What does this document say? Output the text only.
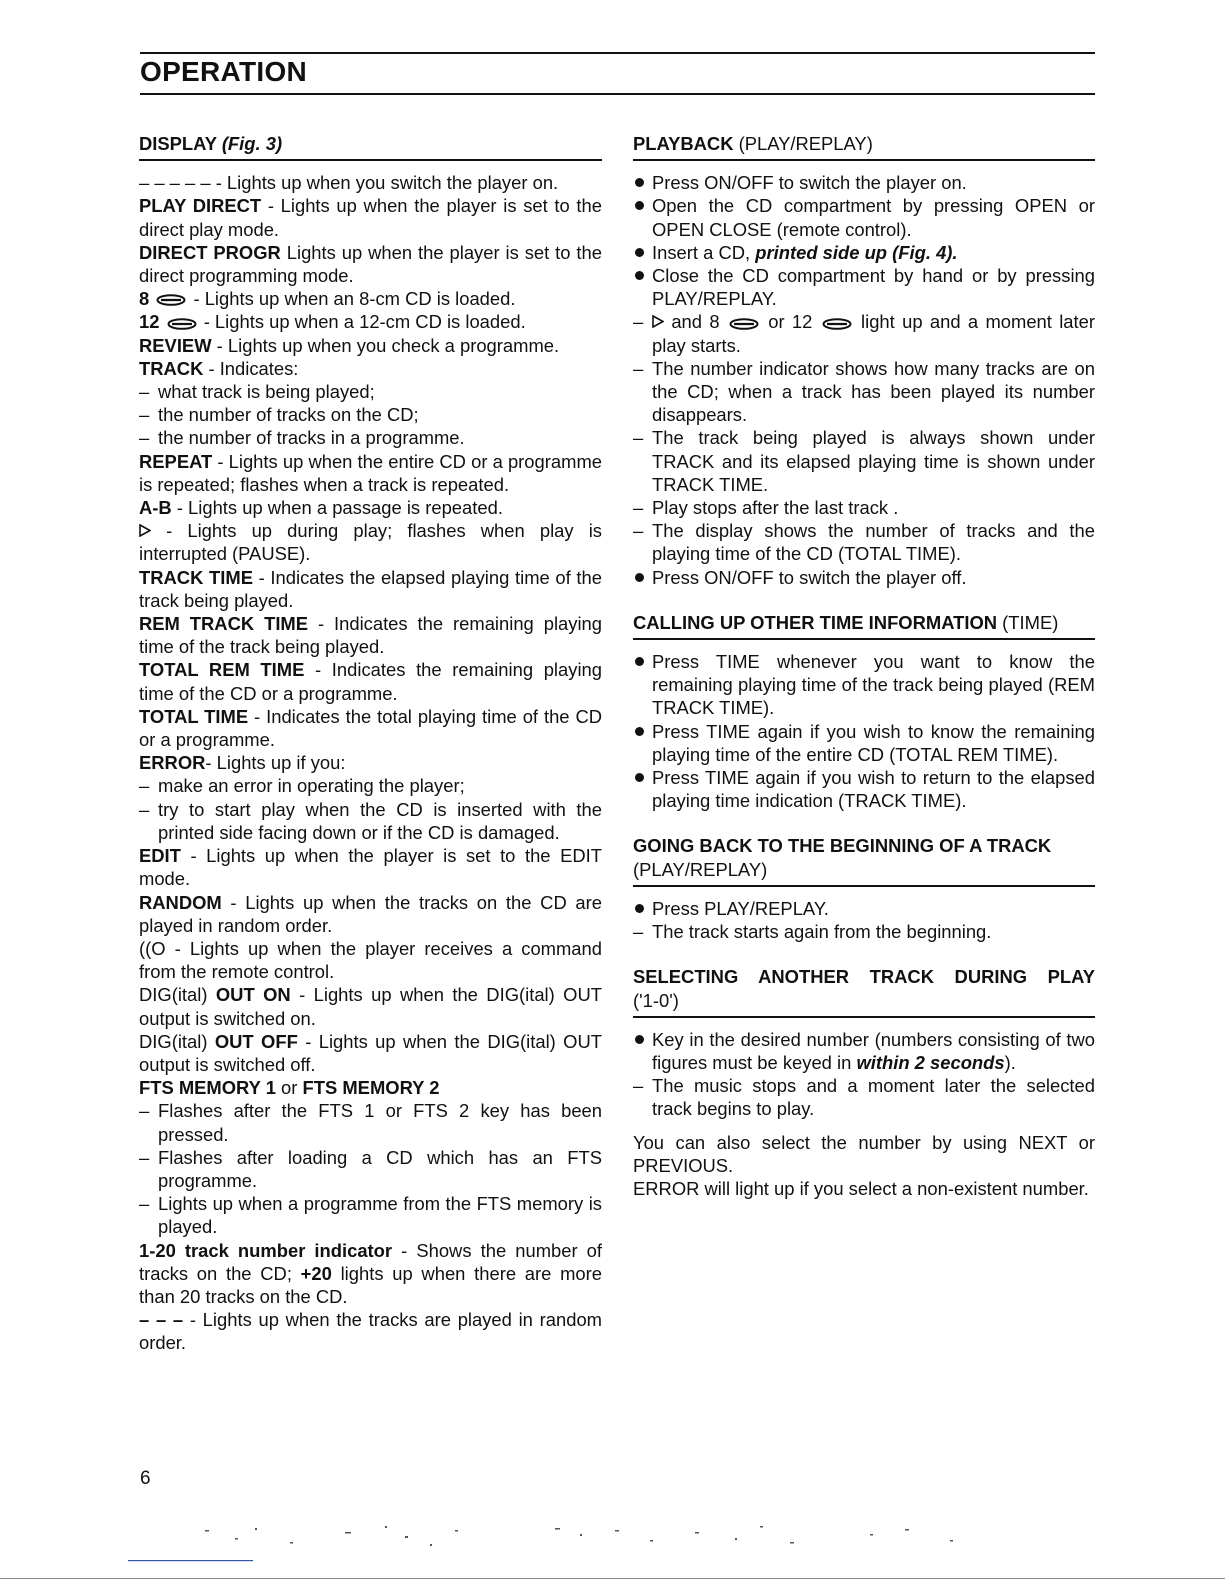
OPERATION
DISPLAY (Fig. 3)

– – – – – - Lights up when you switch the player on.

PLAY DIRECT - Lights up when the player is set to the direct play mode.

DIRECT PROGR Lights up when the player is set to the direct programming mode.

8  - Lights up when an 8-cm CD is loaded.

12  - Lights up when a 12-cm CD is loaded.

REVIEW - Lights up when you check a programme.

TRACK - Indicates:

– what track is being played;
– the number of tracks on the CD;
– the number of tracks in a programme.

REPEAT - Lights up when the entire CD or a programme is repeated; flashes when a track is repeated.

A-B - Lights up when a passage is repeated.

- Lights up during play; flashes when play is interrupted (PAUSE).

TRACK TIME - Indicates the elapsed playing time of the track being played.

REM TRACK TIME - Indicates the remaining playing time of the track being played.

TOTAL REM TIME - Indicates the remaining playing time of the CD or a programme.

TOTAL TIME - Indicates the total playing time of the CD or a programme.

ERROR- Lights up if you:

– make an error in operating the player;
– try to start play when the CD is inserted with the printed side facing down or if the CD is damaged.

EDIT - Lights up when the player is set to the EDIT mode.

RANDOM - Lights up when the tracks on the CD are played in random order.

((O - Lights up when the player receives a command from the remote control.

DIG(ital) OUT ON - Lights up when the DIG(ital) OUT output is switched on.

DIG(ital) OUT OFF - Lights up when the DIG(ital) OUT output is switched off.

FTS MEMORY 1 or FTS MEMORY 2

– Flashes after the FTS 1 or FTS 2 key has been pressed.
– Flashes after loading a CD which has an FTS programme.
– Lights up when a programme from the FTS memory is played.

1-20 track number indicator - Shows the number of tracks on the CD; +20 lights up when there are more than 20 tracks on the CD.

– – – - Lights up when the tracks are played in random order.

PLAYBACK (PLAY/REPLAY)
Press ON/OFF to switch the player on.
Open the CD compartment by pressing OPEN or OPEN CLOSE (remote control).
Insert a CD, printed side up (Fig. 4).
Close the CD compartment by hand or by pressing PLAY/REPLAY.
– and 8  or 12  light up and a moment later play starts.
– The number indicator shows how many tracks are on the CD; when a track has been played its number disappears.
– The track being played is always shown under TRACK and its elapsed playing time is shown under TRACK TIME.
– Play stops after the last track .
– The display shows the number of tracks and the playing time of the CD (TOTAL TIME).
Press ON/OFF to switch the player off.
CALLING UP OTHER TIME INFORMATION (TIME)
Press TIME whenever you want to know the remaining playing time of the track being played (REM TRACK TIME).
Press TIME again if you wish to know the remaining playing time of the entire CD (TOTAL REM TIME).
Press TIME again if you wish to return to the elapsed playing time indication (TRACK TIME).
GOING BACK TO THE BEGINNING OF A TRACK
(PLAY/REPLAY)
Press PLAY/REPLAY.
– The track starts again from the beginning.
SELECTING ANOTHER TRACK DURING PLAY
('1-0')
Key in the desired number (numbers consisting of two figures must be keyed in within 2 seconds).
– The music stops and a moment later the selected track begins to play.

You can also select the number by using NEXT or PREVIOUS.

ERROR will light up if you select a non-existent number.

6
